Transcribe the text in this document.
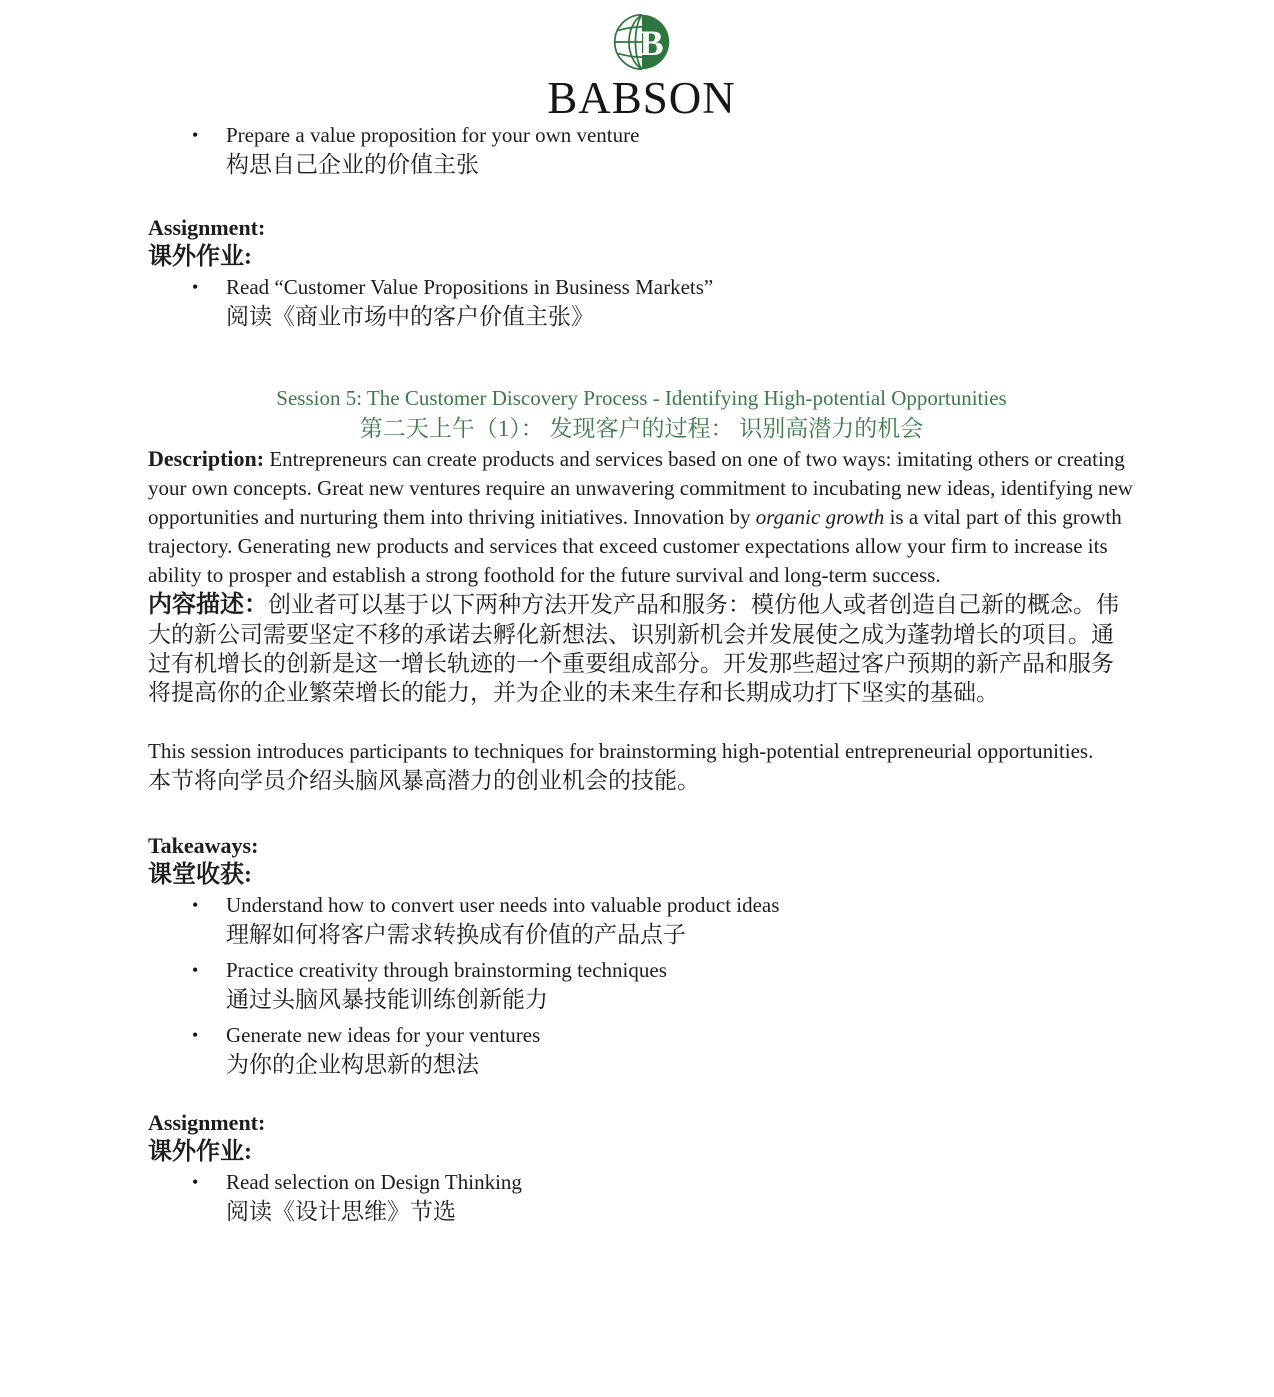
B
BABSON
•	Prepare a value proposition for your own venture
构思自己企业的价值主张
Assignment:
课外作业:
•	Read “Customer Value Propositions in Business Markets”
阅读《商业市场中的客户价值主张》
Session 5: The Customer Discovery Process - Identifying High-potential Opportunities
第二天上午（1）： 发现客户的过程： 识别高潜力的机会

Description: Entrepreneurs can create products and services based on one of two ways: imitating others or creating your own concepts. Great new ventures require an unwavering commitment to incubating new ideas, identifying new opportunities and nurturing them into thriving initiatives. Innovation by organic growth is a vital part of this growth trajectory. Generating new products and services that exceed customer expectations allow your firm to increase its ability to prosper and establish a strong foothold for the future survival and long-term success.

内容描述：创业者可以基于以下两种方法开发产品和服务：模仿他人或者创造自己新的概念。伟大的新公司需要坚定不移的承诺去孵化新想法、识别新机会并发展使之成为蓬勃增长的项目。通过有机增长的创新是这一增长轨迹的一个重要组成部分。开发那些超过客户预期的新产品和服务将提高你的企业繁荣增长的能力，并为企业的未来生存和长期成功打下坚实的基础。

This session introduces participants to techniques for brainstorming high-potential entrepreneurial opportunities.

本节将向学员介绍头脑风暴高潜力的创业机会的技能。

Takeaways:
课堂收获:
•	Understand how to convert user needs into valuable product ideas
理解如何将客户需求转换成有价值的产品点子
•	Practice creativity through brainstorming techniques
通过头脑风暴技能训练创新能力
•	Generate new ideas for your ventures
为你的企业构思新的想法
Assignment:
课外作业:
•	Read selection on Design Thinking
阅读《设计思维》节选
